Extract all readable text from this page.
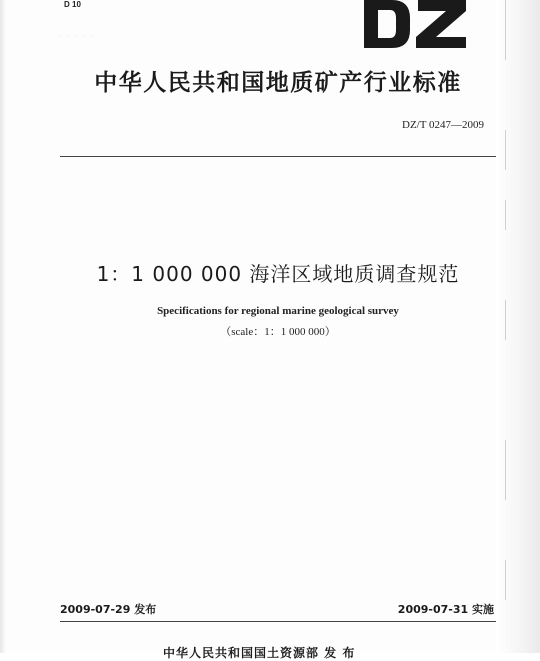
D 10
· · · · ·
中华人民共和国地质矿产行业标准
DZ/T 0247—2009
1：1 000 000 海洋区域地质调查规范
Specifications for regional marine geological survey
（scale：1：1 000 000）
2009-07-29 发布	2009-07-31 实施
中华人民共和国国土资源部 发 布
